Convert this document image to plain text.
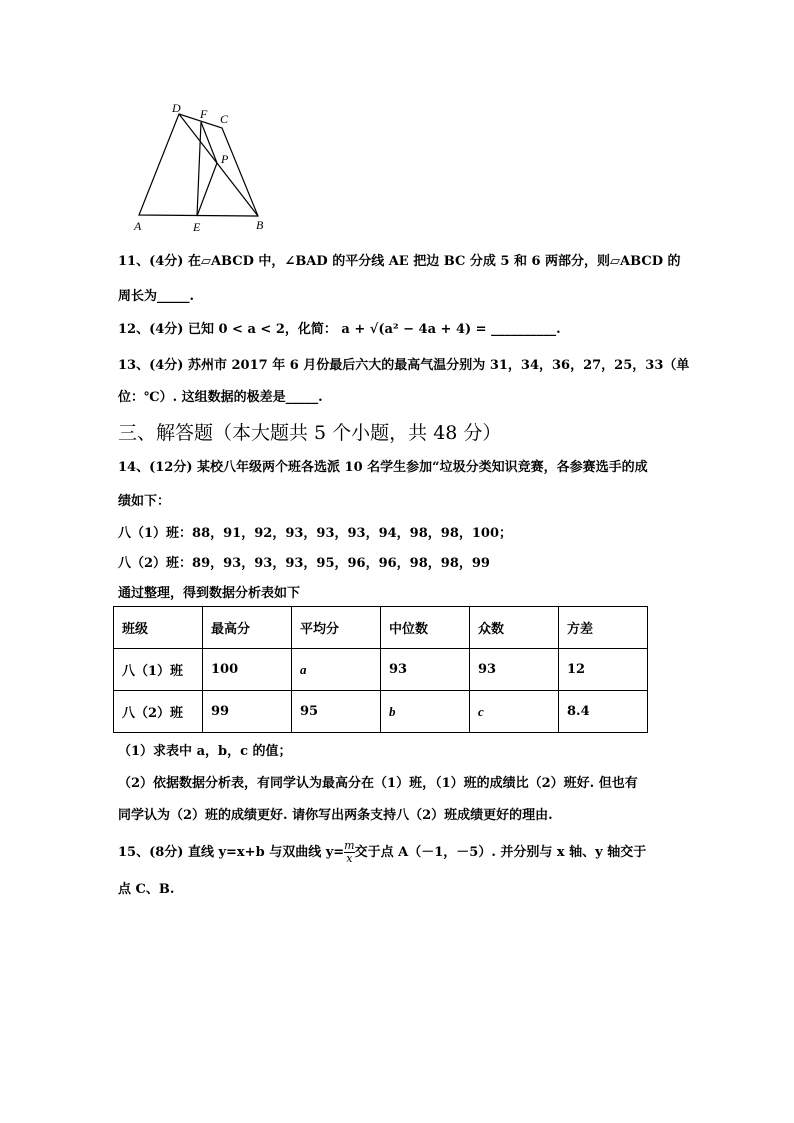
D F C
P
A	E	B
11、(4分) 在▱ABCD 中，∠BAD 的平分线 AE 把边 BC 分成 5 和 6 两部分，则▱ABCD 的
周长为_____.
12、(4分) 已知 0 < a < 2，化简： a + √(a² − 4a + 4) = __________.
13、(4分) 苏州市 2017 年 6 月份最后六大的最高气温分别为 31，34，36，27，25，33（单
位：℃）. 这组数据的极差是_____.
三、解答题（本大题共 5 个小题，共 48 分）
14、(12分) 某校八年级两个班各选派 10 名学生参加“垃圾分类知识竞赛，各参赛选手的成
绩如下：
八（1）班：88，91，92，93，93，93，94，98，98，100；
八（2）班：89，93，93，93，95，96，96，98，98，99
通过整理，得到数据分析表如下
班级	最高分	平均分	中位数	众数	方差
八（1）班	100	a	93	93	12
八（2）班	99	95	b	c	8.4
（1）求表中 a，b，c 的值；
（2）依据数据分析表，有同学认为最高分在（1）班，（1）班的成绩比（2）班好. 但也有
同学认为（2）班的成绩更好. 请你写出两条支持八（2）班成绩更好的理由.
15、(8分) 直线 y=x+b 与双曲线 $y= \frac{m}{x}$ 交于点 A（－1，－5）. 并分别与 x 轴、y 轴交于
点 C、B.
